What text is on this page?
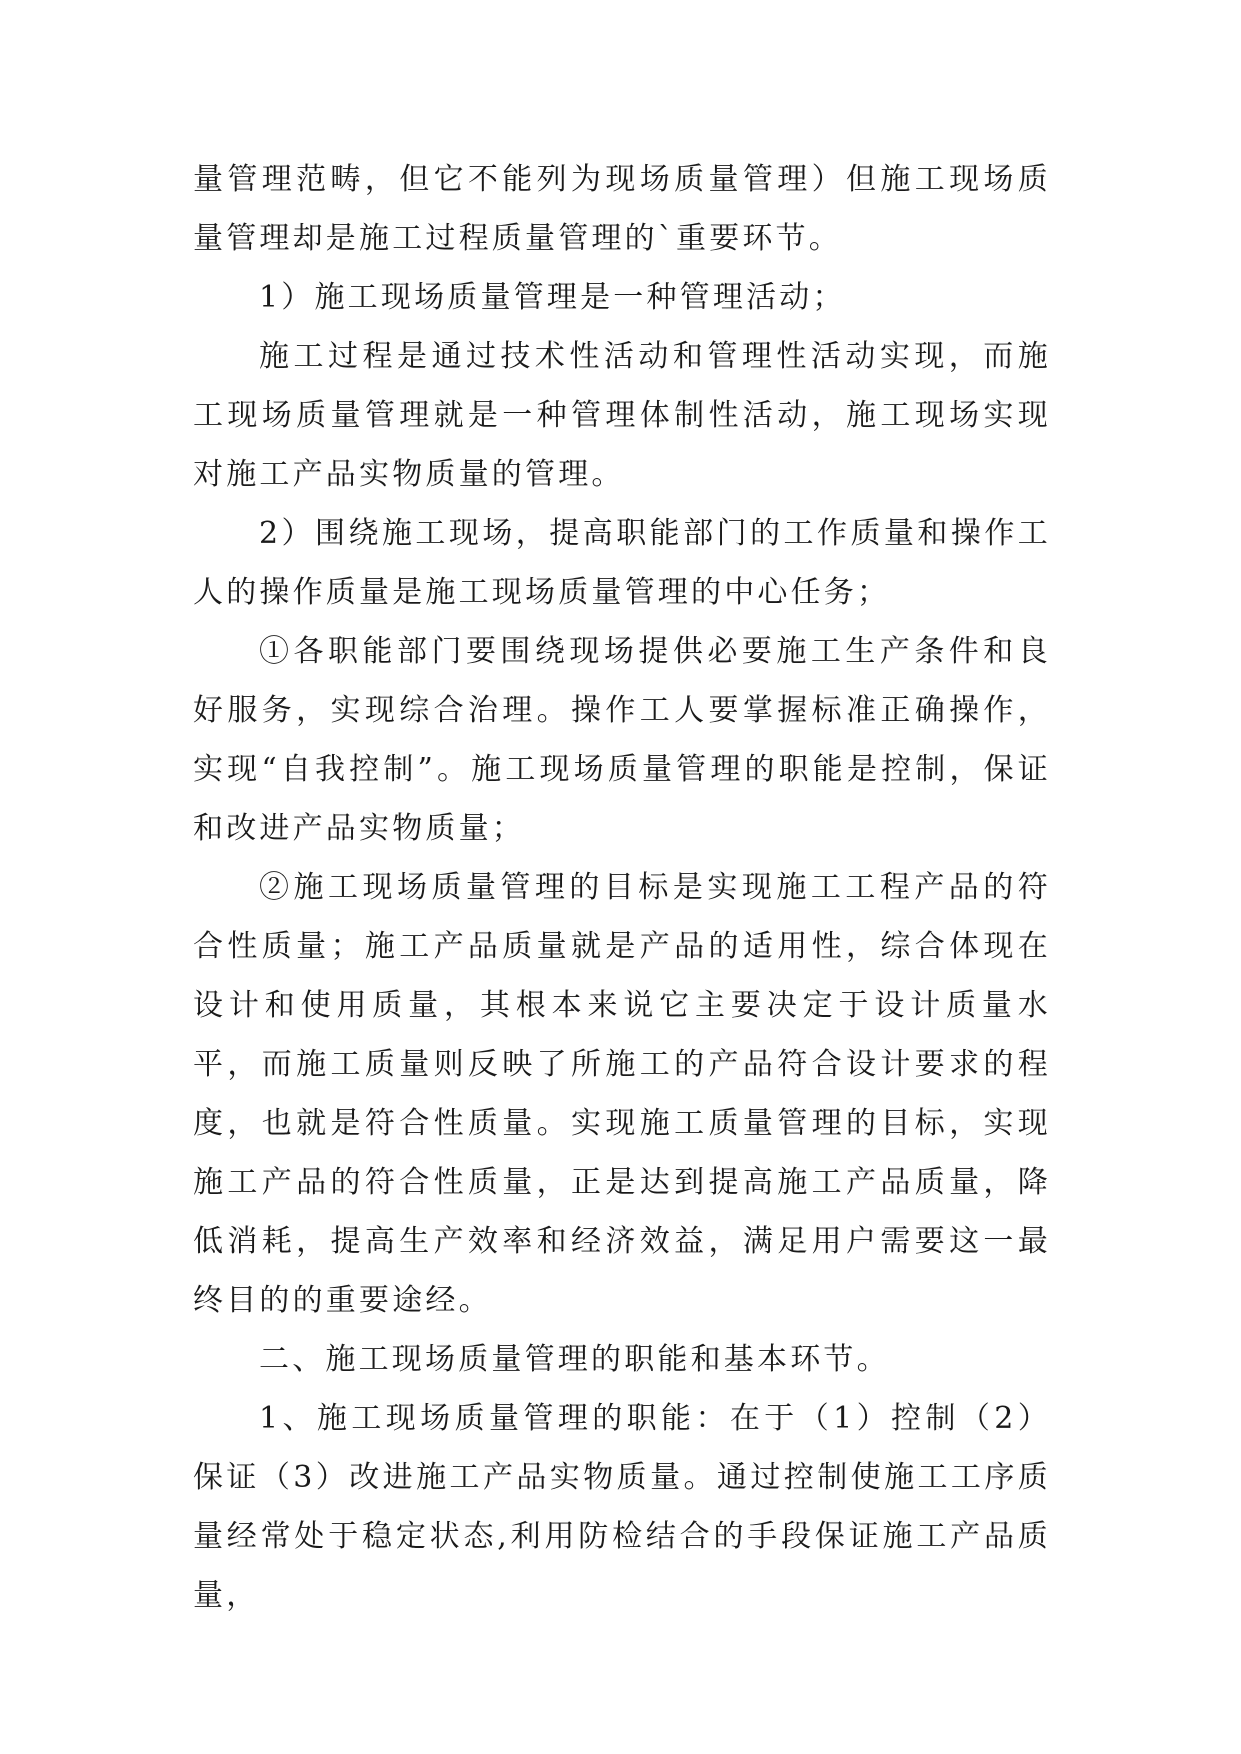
量管理范畴，但它不能列为现场质量管理）但施工现场质量管理却是施工过程质量管理的`重要环节。

1）施工现场质量管理是一种管理活动；

施工过程是通过技术性活动和管理性活动实现，而施工现场质量管理就是一种管理体制性活动，施工现场实现对施工产品实物质量的管理。

2）围绕施工现场，提高职能部门的工作质量和操作工人的操作质量是施工现场质量管理的中心任务；

①各职能部门要围绕现场提供必要施工生产条件和良好服务，实现综合治理。操作工人要掌握标准正确操作，实现“自我控制”。施工现场质量管理的职能是控制，保证和改进产品实物质量；

②施工现场质量管理的目标是实现施工工程产品的符合性质量；施工产品质量就是产品的适用性，综合体现在设计和使用质量，其根本来说它主要决定于设计质量水平，而施工质量则反映了所施工的产品符合设计要求的程度，也就是符合性质量。实现施工质量管理的目标，实现施工产品的符合性质量，正是达到提高施工产品质量，降低消耗，提高生产效率和经济效益，满足用户需要这一最终目的的重要途经。

二、施工现场质量管理的职能和基本环节。

1、施工现场质量管理的职能：在于（1）控制（2）保证（3）改进施工产品实物质量。通过控制使施工工序质量经常处于稳定状态,利用防检结合的手段保证施工产品质量，
